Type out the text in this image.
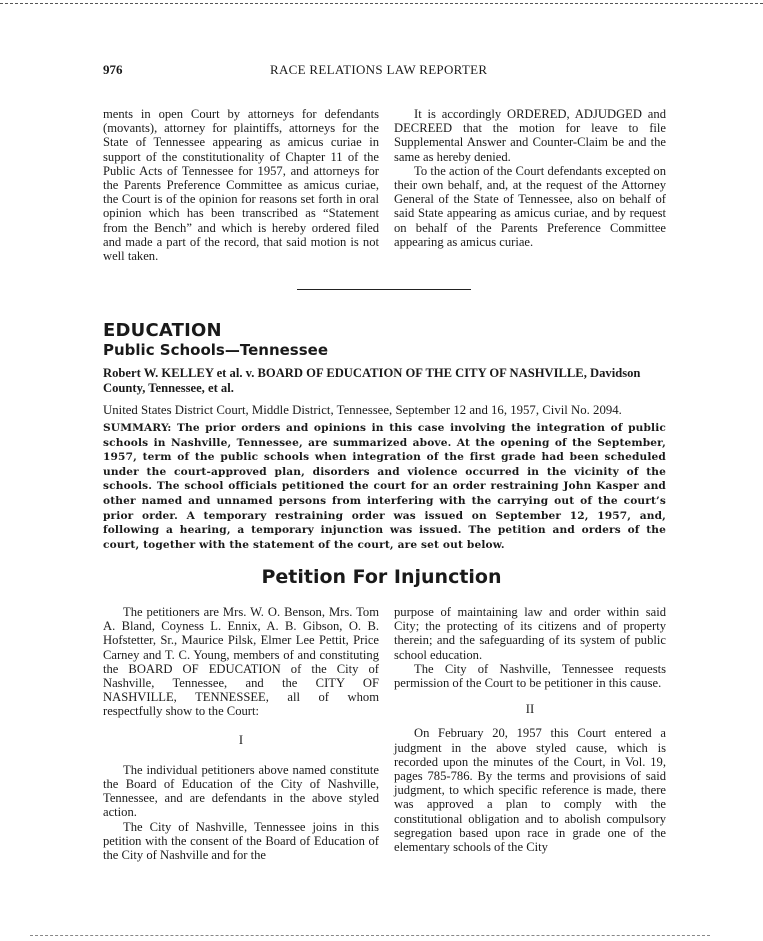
976	RACE RELATIONS LAW REPORTER

ments in open Court by attorneys for defendants (movants), attorney for plaintiffs, attorneys for the State of Tennessee appearing as amicus curiae in support of the constitutionality of Chapter 11 of the Public Acts of Tennessee for 1957, and attorneys for the Parents Preference Committee as amicus curiae, the Court is of the opinion for reasons set forth in oral opinion which has been transcribed as “Statement from the Bench” and which is hereby ordered filed and made a part of the record, that said motion is not well taken.

It is accordingly ORDERED, ADJUDGED and DECREED that the motion for leave to file Supplemental Answer and Counter-Claim be and the same as hereby denied.

To the action of the Court defendants excepted on their own behalf, and, at the request of the Attorney General of the State of Tennessee, also on behalf of said State appearing as amicus curiae, and by request on behalf of the Parents Preference Committee appearing as amicus curiae.

EDUCATION
Public Schools—Tennessee
Robert W. KELLEY et al. v. BOARD OF EDUCATION OF THE CITY OF NASHVILLE, Davidson County, Tennessee, et al.
United States District Court, Middle District, Tennessee, September 12 and 16, 1957, Civil No. 2094.
SUMMARY: The prior orders and opinions in this case involving the integration of public schools in Nashville, Tennessee, are summarized above. At the opening of the September, 1957, term of the public schools when integration of the first grade had been scheduled under the court-approved plan, disorders and violence occurred in the vicinity of the schools. The school officials petitioned the court for an order restraining John Kasper and other named and unnamed persons from interfering with the carrying out of the court’s prior order. A temporary restraining order was issued on September 12, 1957, and, following a hearing, a temporary injunction was issued. The petition and orders of the court, together with the statement of the court, are set out below.
Petition For Injunction

The petitioners are Mrs. W. O. Benson, Mrs. Tom A. Bland, Coyness L. Ennix, A. B. Gibson, O. B. Hofstetter, Sr., Maurice Pilsk, Elmer Lee Pettit, Price Carney and T. C. Young, members of and constituting the BOARD OF EDUCATION of the City of Nashville, Tennessee, and the CITY OF NASHVILLE, TENNESSEE, all of whom respectfully show to the Court:

I

The individual petitioners above named constitute the Board of Education of the City of Nashville, Tennessee, and are defendants in the above styled action.

The City of Nashville, Tennessee joins in this petition with the consent of the Board of Education of the City of Nashville and for the

purpose of maintaining law and order within said City; the protecting of its citizens and of property therein; and the safeguarding of its system of public school education.

The City of Nashville, Tennessee requests permission of the Court to be petitioner in this cause.

II

On February 20, 1957 this Court entered a judgment in the above styled cause, which is recorded upon the minutes of the Court, in Vol. 19, pages 785-786. By the terms and provisions of said judgment, to which specific reference is made, there was approved a plan to comply with the constitutional obligation and to abolish compulsory segregation based upon race in grade one of the elementary schools of the City
